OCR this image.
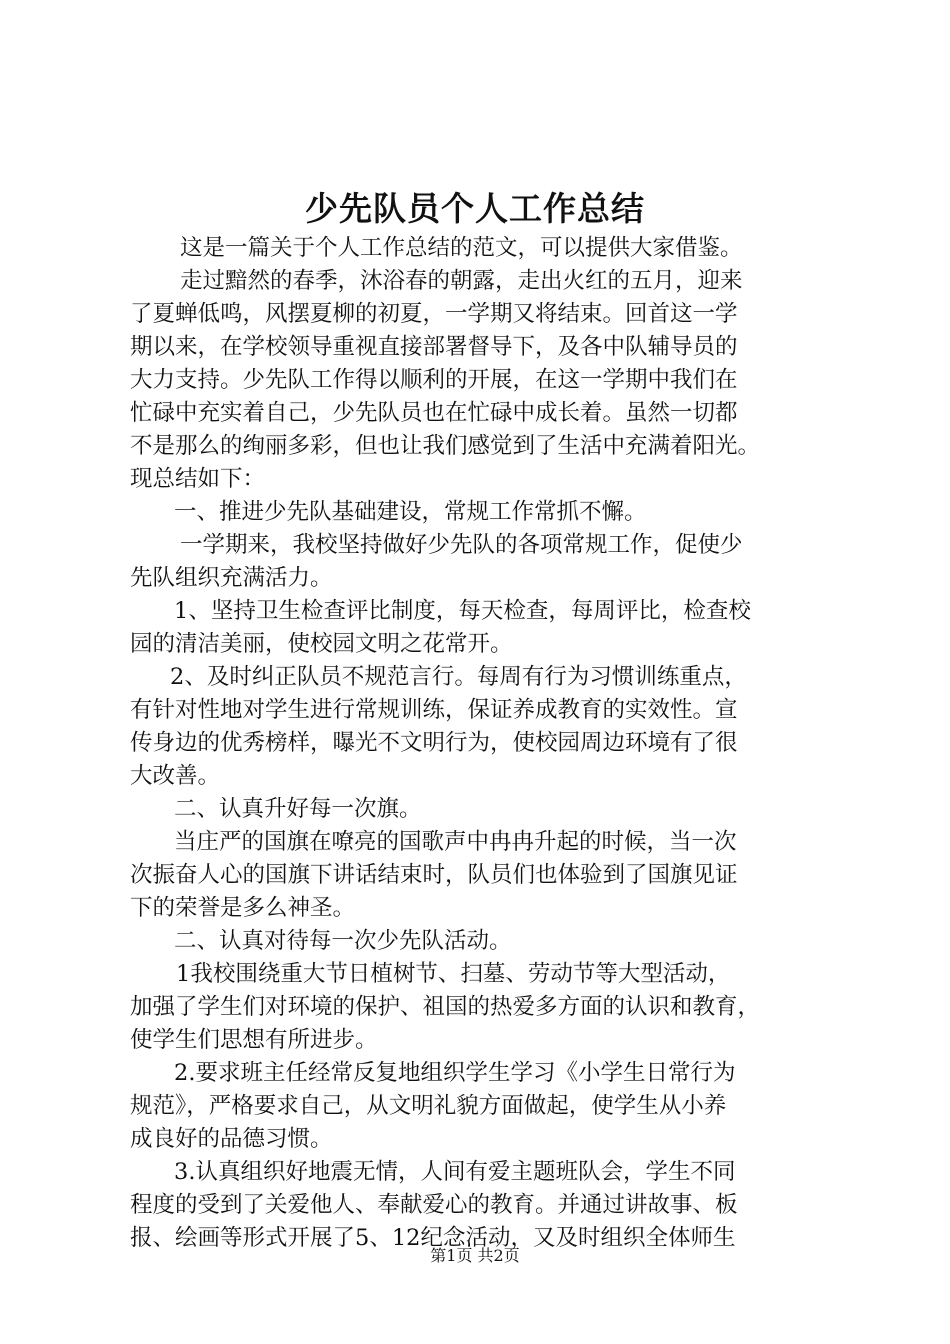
少先队员个人工作总结

这是一篇关于个人工作总结的范文，可以提供大家借鉴。

走过黯然的春季，沐浴春的朝露，走出火红的五月，迎来

了夏蝉低鸣，风摆夏柳的初夏，一学期又将结束。回首这一学

期以来，在学校领导重视直接部署督导下，及各中队辅导员的

大力支持。少先队工作得以顺利的开展，在这一学期中我们在

忙碌中充实着自己，少先队员也在忙碌中成长着。虽然一切都

不是那么的绚丽多彩，但也让我们感觉到了生活中充满着阳光。

现总结如下：

一、推进少先队基础建设，常规工作常抓不懈。

一学期来，我校坚持做好少先队的各项常规工作，促使少

先队组织充满活力。

1、坚持卫生检查评比制度，每天检查，每周评比，检查校

园的清洁美丽，使校园文明之花常开。

2、及时纠正队员不规范言行。每周有行为习惯训练重点，

有针对性地对学生进行常规训练，保证养成教育的实效性。宣

传身边的优秀榜样，曝光不文明行为，使校园周边环境有了很

大改善。

二、认真升好每一次旗。

当庄严的国旗在嘹亮的国歌声中冉冉升起的时候，当一次

次振奋人心的国旗下讲话结束时，队员们也体验到了国旗见证

下的荣誉是多么神圣。

二、认真对待每一次少先队活动。

1我校围绕重大节日植树节、扫墓、劳动节等大型活动，

加强了学生们对环境的保护、祖国的热爱多方面的认识和教育，

使学生们思想有所进步。

2.要求班主任经常反复地组织学生学习《小学生日常行为

规范》，严格要求自己，从文明礼貌方面做起，使学生从小养

成良好的品德习惯。

3.认真组织好地震无情，人间有爱主题班队会，学生不同

程度的受到了关爱他人、奉献爱心的教育。并通过讲故事、板

报、绘画等形式开展了5、12纪念活动，又及时组织全体师生

第1页 共2页
